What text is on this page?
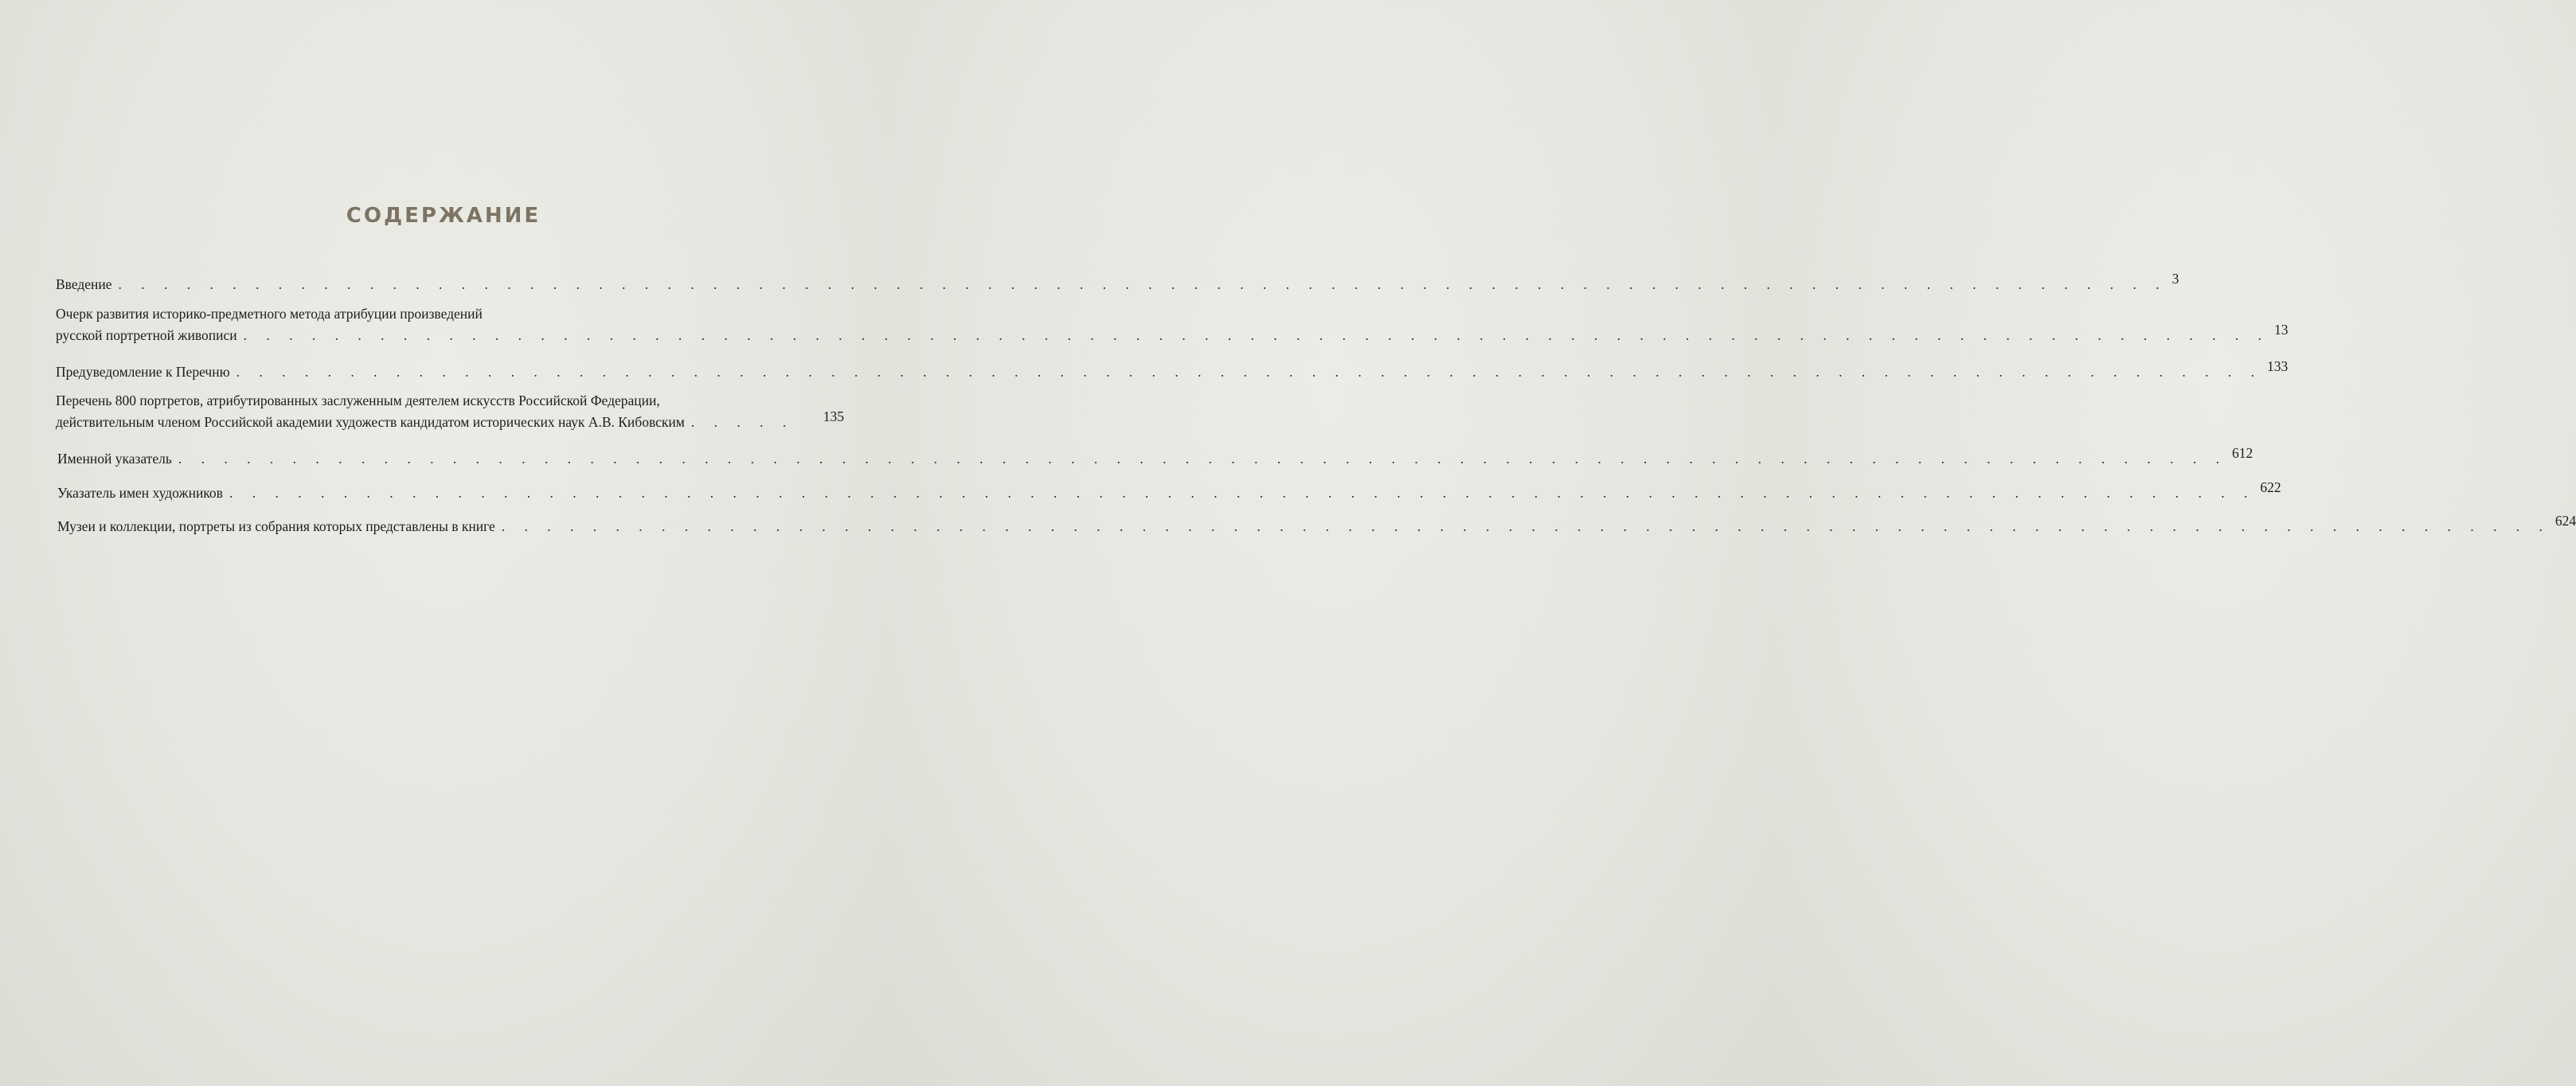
СОДЕРЖАНИЕ
Введение . . . . . . . . . . . . . . . . . . . . . . . . . . . . . . . . . . . . . . . . . . . . . . . . . . . . . . . . . . . . . . . . . . . . . . . . . . . . . . . . . . . . . . . . . . 3
Очерк развития историко-предметного метода атрибуции произведений
русской портретной живописи . . . . . . . . . . . . . . . . . . . . . . . . . . . . . . . . . . . . . . . . . . . . . . . . . . . . . . . . . . . . . . . . . . . . . . . . . . . . . . . . . . . . . . . . . 13
Предуведомление к Перечню . . . . . . . . . . . . . . . . . . . . . . . . . . . . . . . . . . . . . . . . . . . . . . . . . . . . . . . . . . . . . . . . . . . . . . . . . . . . . . . . . . . . . . . . . 133
Перечень 800 портретов, атрибутированных заслуженным деятелем искусств Российской Федерации,
действительным членом Российской академии художеств кандидатом исторических наук А.В. Кибовским . . . . .	135
Именной указатель . . . . . . . . . . . . . . . . . . . . . . . . . . . . . . . . . . . . . . . . . . . . . . . . . . . . . . . . . . . . . . . . . . . . . . . . . . . . . . . . . . . . . . . . . . 612
Указатель имен художников . . . . . . . . . . . . . . . . . . . . . . . . . . . . . . . . . . . . . . . . . . . . . . . . . . . . . . . . . . . . . . . . . . . . . . . . . . . . . . . . . . . . . . . . . 622
Музеи и коллекции, портреты из собрания которых представлены в книге . . . . . . . . . . . . . . . . . . . . . . . . . . . . . . . . . . . . . . . . . . . . . . . . . . . . . . . . . . . . . . . . . . . . . . . . . . . . . . . . . . . . . . . . . . 624
